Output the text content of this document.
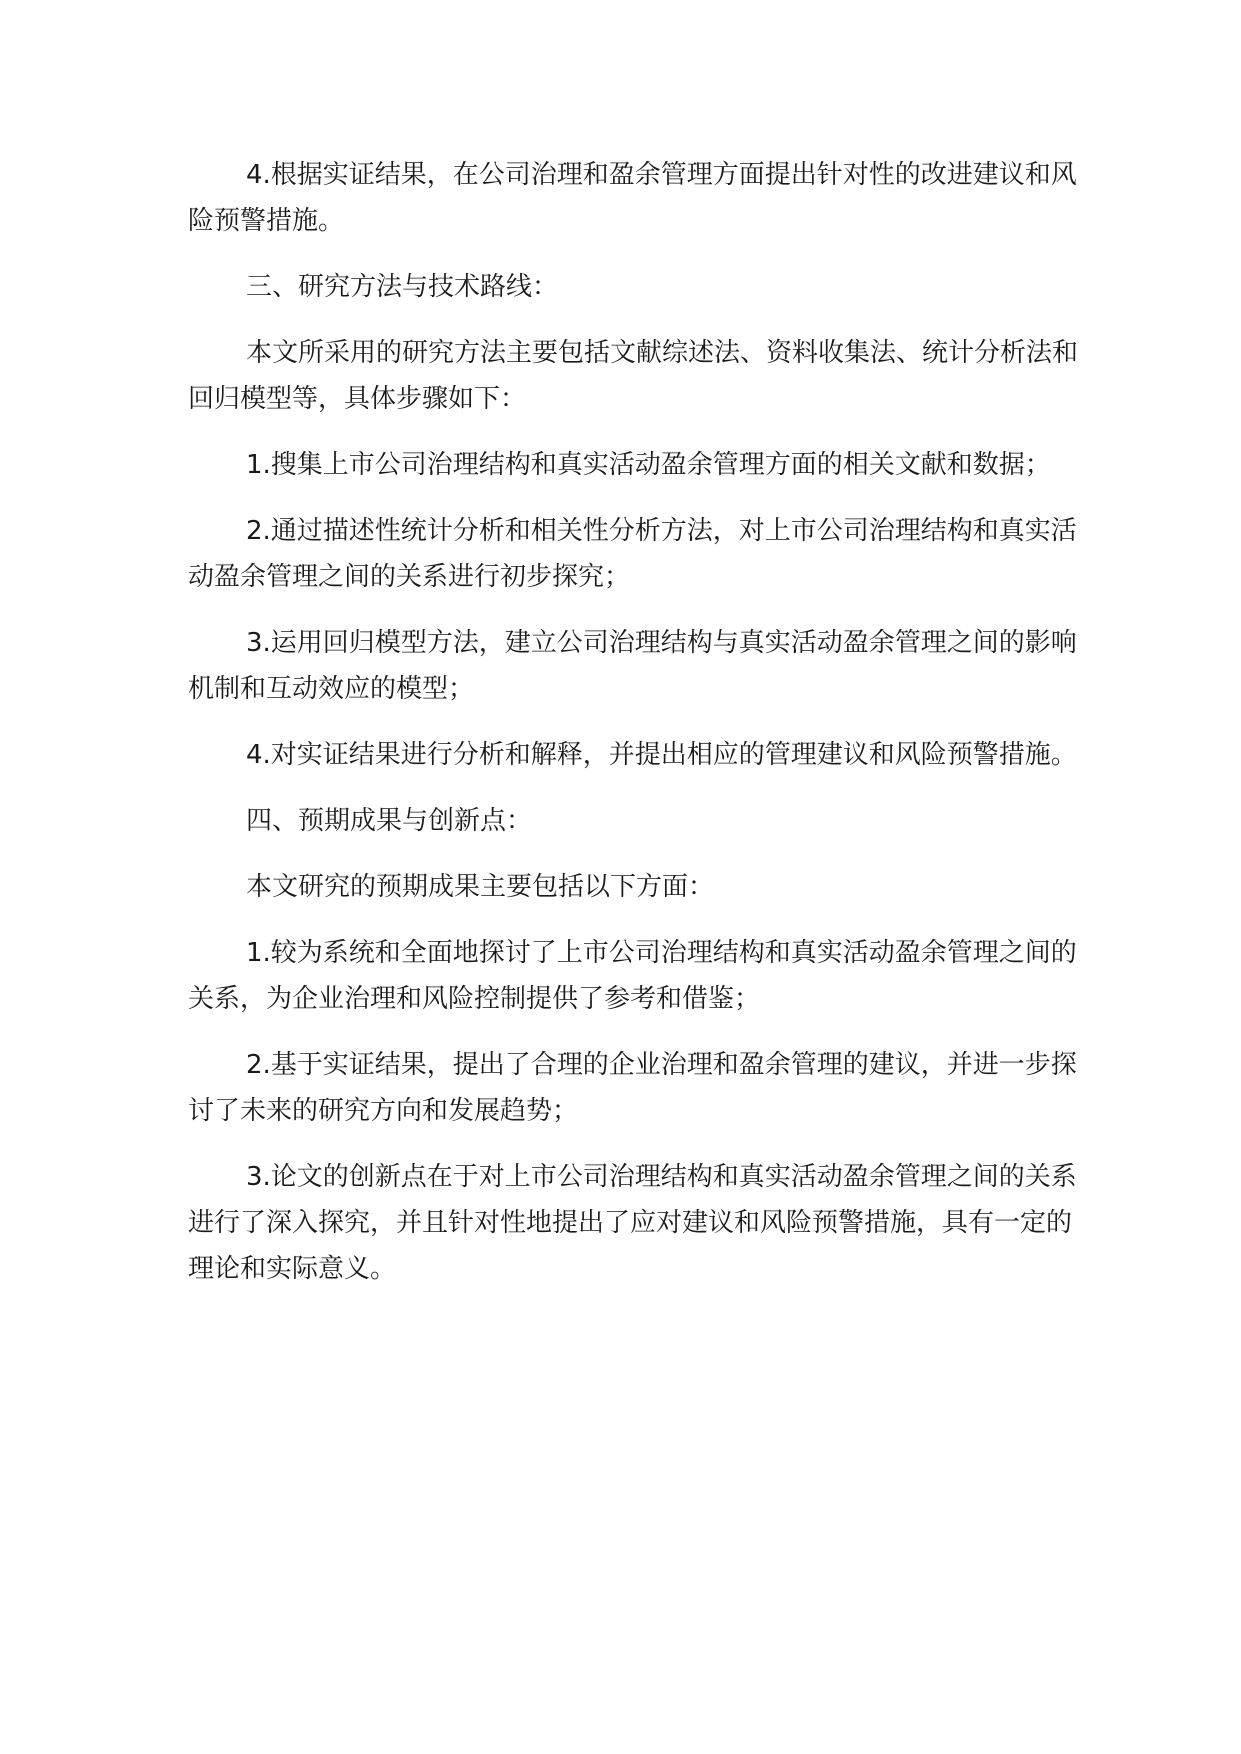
4.根据实证结果，在公司治理和盈余管理方面提出针对性的改进建议和风险预警措施。

三、研究方法与技术路线：

本文所采用的研究方法主要包括文献综述法、资料收集法、统计分析法和回归模型等，具体步骤如下：

1.搜集上市公司治理结构和真实活动盈余管理方面的相关文献和数据；

2.通过描述性统计分析和相关性分析方法，对上市公司治理结构和真实活动盈余管理之间的关系进行初步探究；

3.运用回归模型方法，建立公司治理结构与真实活动盈余管理之间的影响机制和互动效应的模型；

4.对实证结果进行分析和解释，并提出相应的管理建议和风险预警措施。

四、预期成果与创新点：

本文研究的预期成果主要包括以下方面：

1.较为系统和全面地探讨了上市公司治理结构和真实活动盈余管理之间的关系，为企业治理和风险控制提供了参考和借鉴；

2.基于实证结果，提出了合理的企业治理和盈余管理的建议，并进一步探讨了未来的研究方向和发展趋势；

3.论文的创新点在于对上市公司治理结构和真实活动盈余管理之间的关系进行了深入探究，并且针对性地提出了应对建议和风险预警措施，具有一定的理论和实际意义。
